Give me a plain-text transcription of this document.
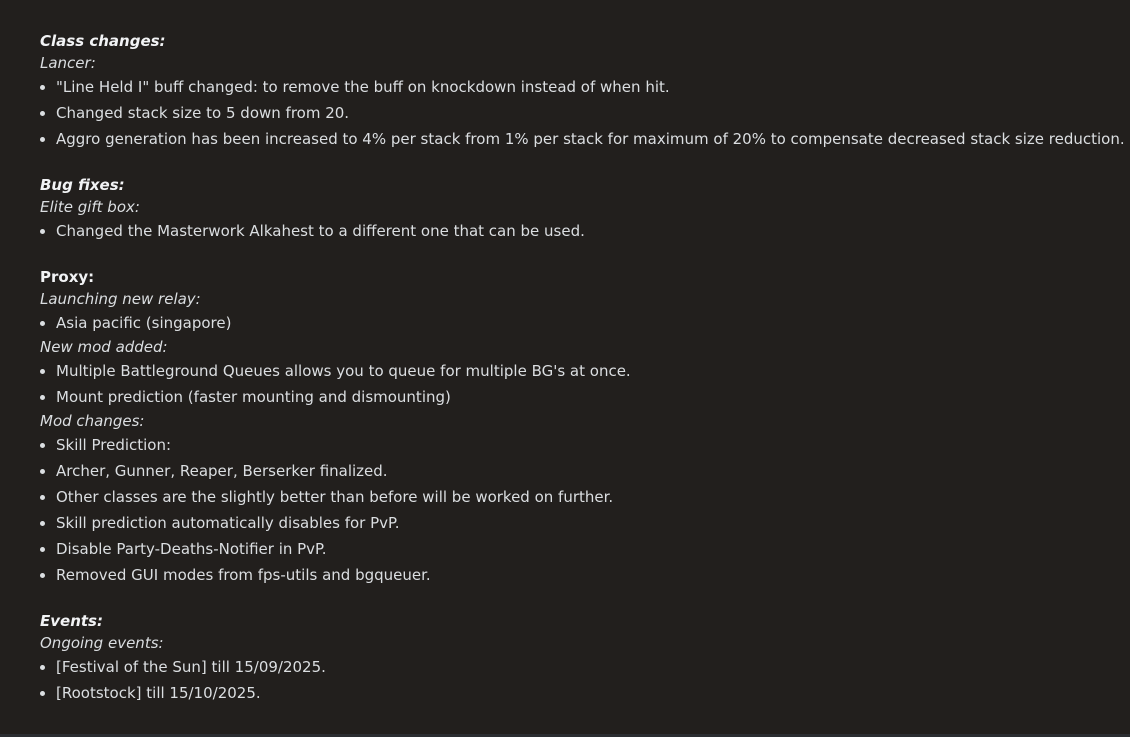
Class changes:
Lancer:
"Line Held I" buff changed: to remove the buff on knockdown instead of when hit.
Changed stack size to 5 down from 20.
Aggro generation has been increased to 4% per stack from 1% per stack for maximum of 20% to compensate decreased stack size reduction.
Bug fixes:
Elite gift box:
Changed the Masterwork Alkahest to a different one that can be used.
Proxy:
Launching new relay:
Asia pacific (singapore)
New mod added:
Multiple Battleground Queues allows you to queue for multiple BG's at once.
Mount prediction (faster mounting and dismounting)
Mod changes:
Skill Prediction:
Archer, Gunner, Reaper, Berserker finalized.
Other classes are the slightly better than before will be worked on further.
Skill prediction automatically disables for PvP.
Disable Party-Deaths-Notifier in PvP.
Removed GUI modes from fps-utils and bgqueuer.
Events:
Ongoing events:
[Festival of the Sun] till 15/09/2025.
[Rootstock] till 15/10/2025.
